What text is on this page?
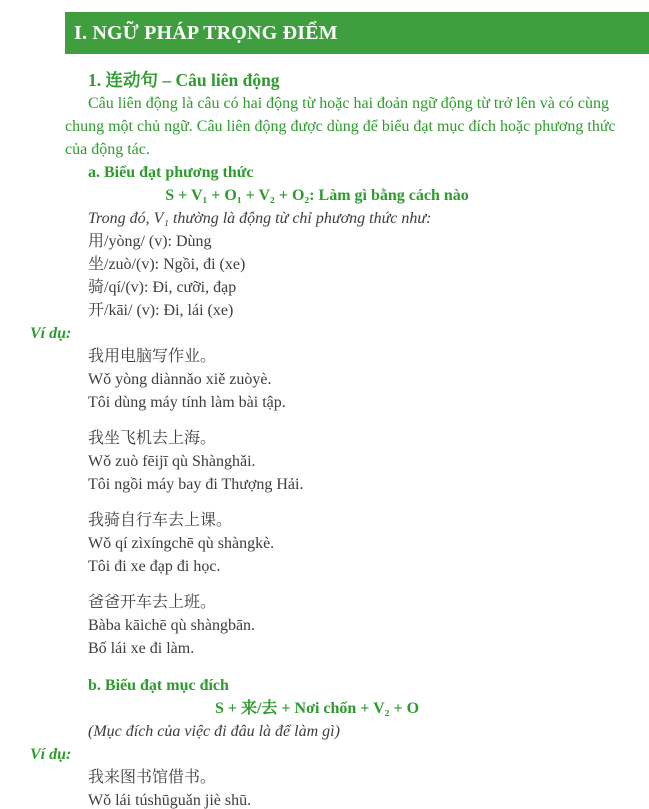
I. NGỮ PHÁP TRỌNG ĐIỂM
1. 连动句 – Câu liên động

Câu liên động là câu có hai động từ hoặc hai đoản ngữ động từ trở lên và có cùng chung một chủ ngữ. Câu liên động được dùng để biểu đạt mục đích hoặc phương thức của động tác.

a. Biểu đạt phương thức
S + V₁ + O₁ + V₂ + O₂: Làm gì bằng cách nào
Trong đó, V₁ thường là động từ chỉ phương thức như:
用/yòng/ (v): Dùng
坐/zuò/(v): Ngồi, đi (xe)
骑/qí/(v): Đi, cưỡi, đạp
开/kāi/ (v): Đi, lái (xe)
Ví dụ:
我用电脑写作业。
Wǒ yòng diànnǎo xiě zuòyè.
Tôi dùng máy tính làm bài tập.
我坐飞机去上海。
Wǒ zuò fēijī qù Shànghǎi.
Tôi ngồi máy bay đi Thượng Hải.
我骑自行车去上课。
Wǒ qí zìxíngchē qù shàngkè.
Tôi đi xe đạp đi học.
爸爸开车去上班。
Bàba kāichē qù shàngbān.
Bố lái xe đi làm.
b. Biểu đạt mục đích
S + 来/去 + Nơi chốn + V₂ + O
(Mục đích của việc đi đâu là để làm gì)
Ví dụ:
我来图书馆借书。
Wǒ lái túshūguǎn jiè shū.
